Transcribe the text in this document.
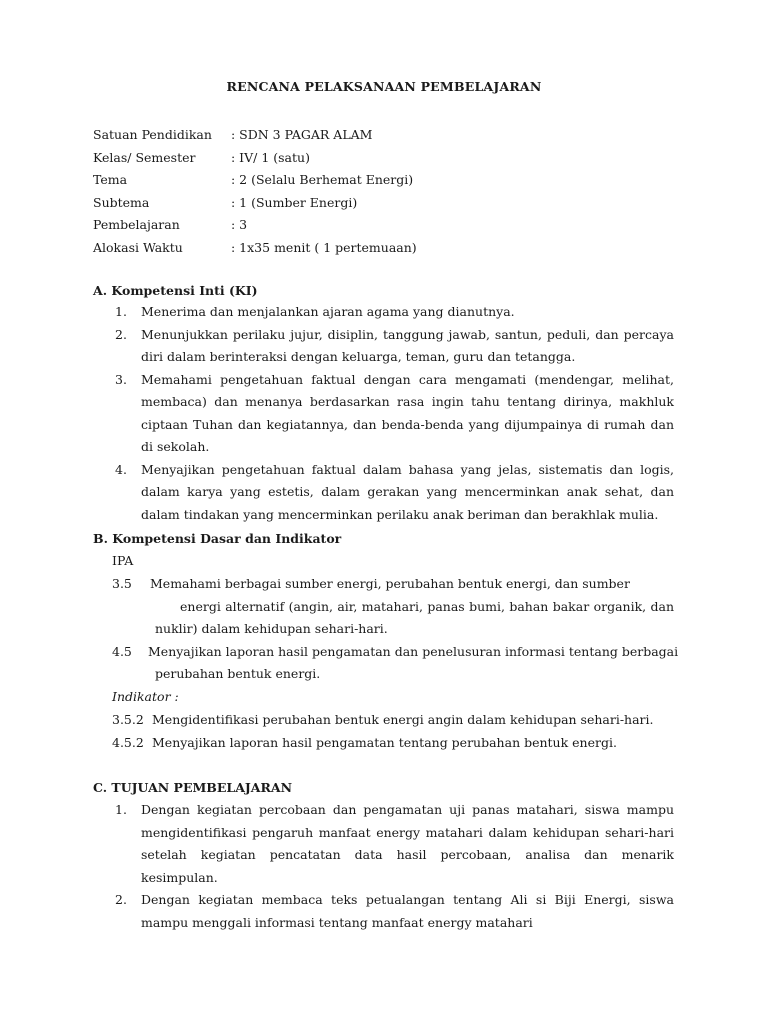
RENCANA PELAKSANAAN PEMBELAJARAN
Satuan Pendidikan	: SDN 3 PAGAR ALAM
Kelas/ Semester	: IV/ 1 (satu)
Tema	: 2 (Selalu Berhemat Energi)
Subtema	: 1 (Sumber Energi)
Pembelajaran	: 3
Alokasi Waktu	: 1x35 menit ( 1 pertemuaan)
A. Kompetensi Inti (KI)
1.	Menerima dan menjalankan ajaran agama yang dianutnya.
2.	Menunjukkan perilaku jujur, disiplin, tanggung jawab, santun, peduli, dan percaya diri dalam berinteraksi dengan keluarga, teman, guru dan tetangga.
3.	Memahami pengetahuan faktual dengan cara mengamati (mendengar, melihat, membaca) dan menanya berdasarkan rasa ingin tahu tentang dirinya, makhluk ciptaan Tuhan dan kegiatannya, dan benda-benda yang dijumpainya di rumah dan di sekolah.
4.	Menyajikan pengetahuan faktual dalam bahasa yang jelas, sistematis dan logis, dalam karya yang estetis, dalam gerakan yang mencerminkan anak sehat, dan dalam tindakan yang mencerminkan perilaku anak beriman dan berakhlak mulia.
B. Kompetensi Dasar dan Indikator
IPA
3.5 Memahami berbagai sumber energi, perubahan bentuk energi, dan sumber
energi alternatif (angin, air, matahari, panas bumi, bahan bakar organik, dan
nuklir) dalam kehidupan sehari-hari.
4.5 Menyajikan laporan hasil pengamatan dan penelusuran informasi tentang berbagai
perubahan bentuk energi.
Indikator :
3.5.2 Mengidentifikasi perubahan bentuk energi angin dalam kehidupan sehari-hari.
4.5.2 Menyajikan laporan hasil pengamatan tentang perubahan bentuk energi.
C. TUJUAN PEMBELAJARAN
1.	Dengan kegiatan percobaan dan pengamatan uji panas matahari, siswa mampu mengidentifikasi pengaruh manfaat energy matahari dalam kehidupan sehari-hari setelah kegiatan pencatatan data hasil percobaan, analisa dan menarik kesimpulan.
2.	Dengan kegiatan membaca teks petualangan tentang Ali si Biji Energi, siswa mampu menggali informasi tentang manfaat energy matahari
